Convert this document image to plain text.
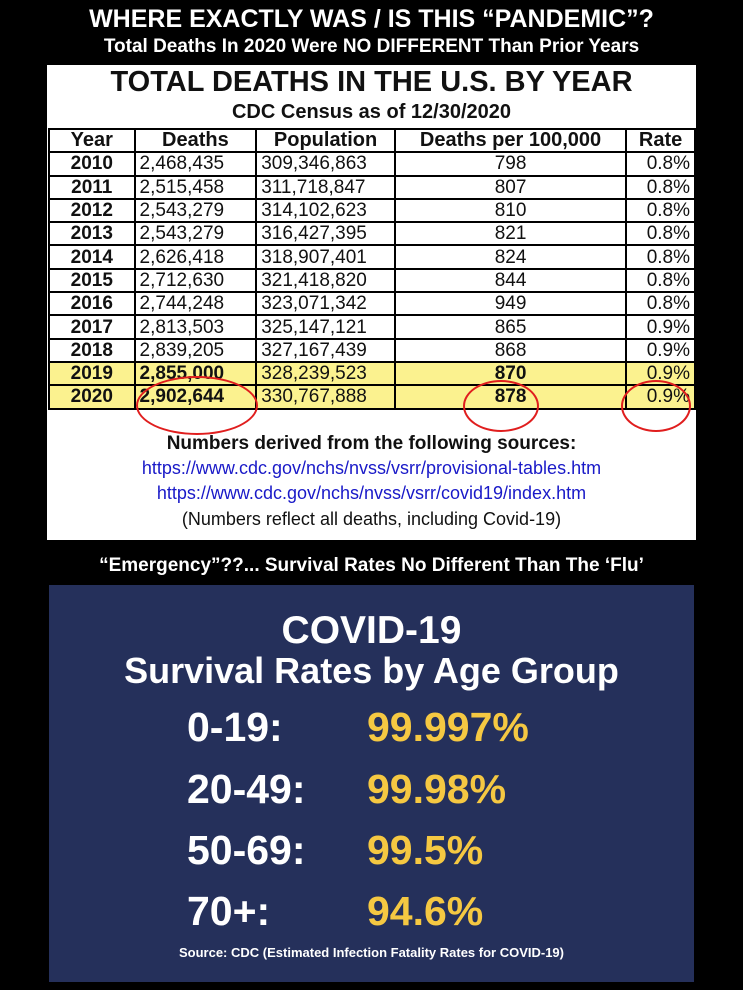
WHERE EXACTLY WAS / IS THIS “PANDEMIC”?
Total Deaths In 2020 Were NO DIFFERENT Than Prior Years
TOTAL DEATHS IN THE U.S. BY YEAR
CDC Census as of 12/30/2020
Year	Deaths	Population	Deaths per 100,000	Rate
2010	2,468,435	309,346,863	798	0.8%
2011	2,515,458	311,718,847	807	0.8%
2012	2,543,279	314,102,623	810	0.8%
2013	2,543,279	316,427,395	821	0.8%
2014	2,626,418	318,907,401	824	0.8%
2015	2,712,630	321,418,820	844	0.8%
2016	2,744,248	323,071,342	949	0.8%
2017	2,813,503	325,147,121	865	0.9%
2018	2,839,205	327,167,439	868	0.9%
2019	2,855,000	328,239,523	870	0.9%
2020	2,902,644	330,767,888	878	0.9%
Numbers derived from the following sources:
https://www.cdc.gov/nchs/nvss/vsrr/provisional-tables.htm
https://www.cdc.gov/nchs/nvss/vsrr/covid19/index.htm
(Numbers reflect all deaths, including Covid-19)
“Emergency”??... Survival Rates No Different Than The ‘Flu’
COVID-19
Survival Rates by Age Group
0-19: 99.997%
20-49: 99.98%
50-69: 99.5%
70+: 94.6%
Source: CDC (Estimated Infection Fatality Rates for COVID-19)
